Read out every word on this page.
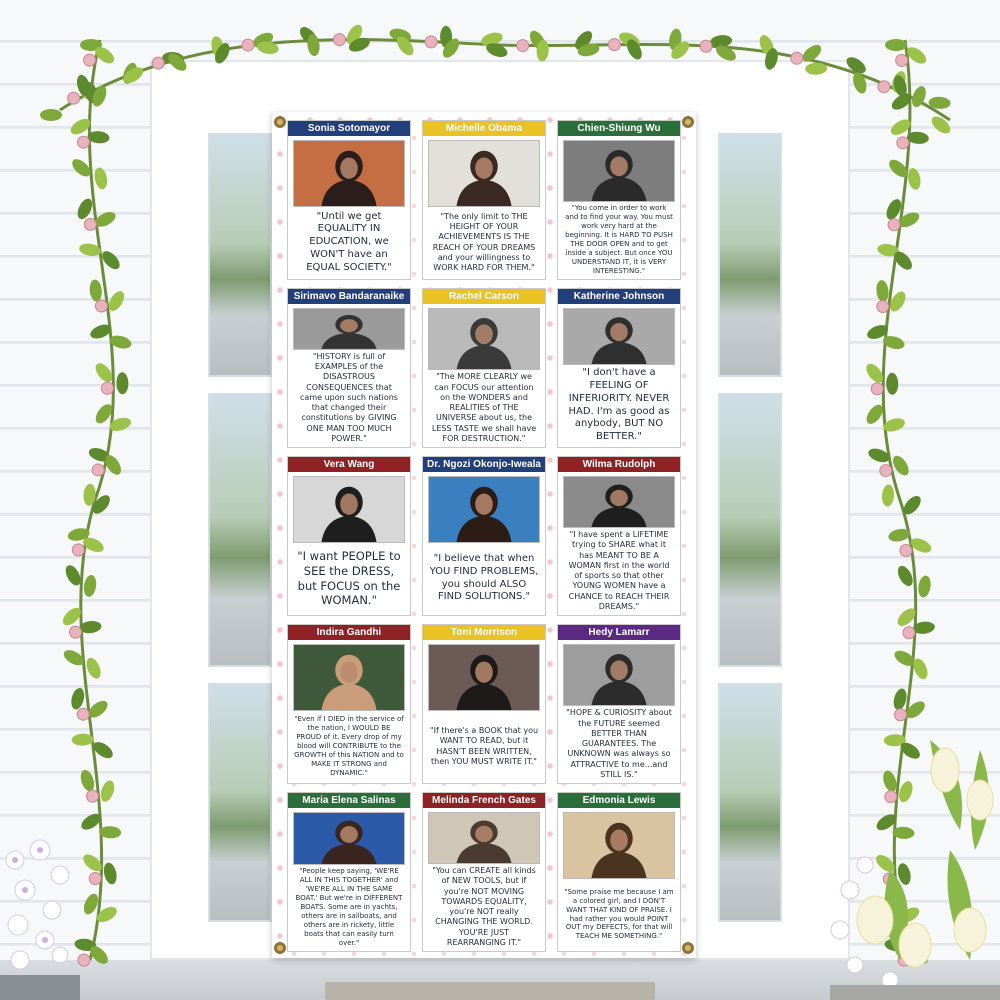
Sonia Sotomayor
"Until we get EQUALITY IN EDUCATION, we WON'T have an EQUAL SOCIETY."
Michelle Obama
"The only limit to THE HEIGHT OF YOUR ACHIEVEMENTS IS THE REACH OF YOUR DREAMS and your willingness to WORK HARD FOR THEM."
Chien-Shiung Wu
"You come in order to work and to find your way. You must work very hard at the beginning. It is HARD TO PUSH THE DOOR OPEN and to get inside a subject. But once YOU UNDERSTAND IT, it is VERY INTERESTING."
Sirimavo Bandaranaike
"HISTORY is full of EXAMPLES of the DISASTROUS CONSEQUENCES that came upon such nations that changed their constitutions by GIVING ONE MAN TOO MUCH POWER."
Rachel Carson
"The MORE CLEARLY we can FOCUS our attention on the WONDERS and REALITIES of THE UNIVERSE about us, the LESS TASTE we shall have FOR DESTRUCTION."
Katherine Johnson
"I don't have a FEELING OF INFERIORITY. NEVER HAD. I'm as good as anybody, BUT NO BETTER."
Vera Wang
"I want PEOPLE to SEE the DRESS, but FOCUS on the WOMAN."
Dr. Ngozi Okonjo-Iweala
"I believe that when YOU FIND PROBLEMS, you should ALSO FIND SOLUTIONS."
Wilma Rudolph
"I have spent a LIFETIME trying to SHARE what it has MEANT TO BE A WOMAN first in the world of sports so that other YOUNG WOMEN have a CHANCE to REACH THEIR DREAMS."
Indira Gandhi
"Even if I DIED in the service of the nation, I WOULD BE PROUD of it. Every drop of my blood will CONTRIBUTE to the GROWTH of this NATION and to MAKE IT STRONG and DYNAMIC."
Toni Morrison
"If there's a BOOK that you WANT TO READ, but it HASN'T BEEN WRITTEN, then YOU MUST WRITE IT."
Hedy Lamarr
"HOPE & CURIOSITY about the FUTURE seemed BETTER THAN GUARANTEES. The UNKNOWN was always so ATTRACTIVE to me...and STILL IS."
Maria Elena Salinas
"People keep saying, 'WE'RE ALL IN THIS TOGETHER' and 'WE'RE ALL IN THE SAME BOAT.' But we're in DIFFERENT BOATS. Some are in yachts, others are in sailboats, and others are in rickety, little boats that can easily turn over."
Melinda French Gates
"You can CREATE all kinds of NEW TOOLS, but if you're NOT MOVING TOWARDS EQUALITY, you're NOT really CHANGING THE WORLD. YOU'RE JUST REARRANGING IT."
Edmonia Lewis
"Some praise me because I am a colored girl, and I DON'T WANT THAT KIND OF PRAISE. I had rather you would POINT OUT my DEFECTS, for that will TEACH ME SOMETHING."
